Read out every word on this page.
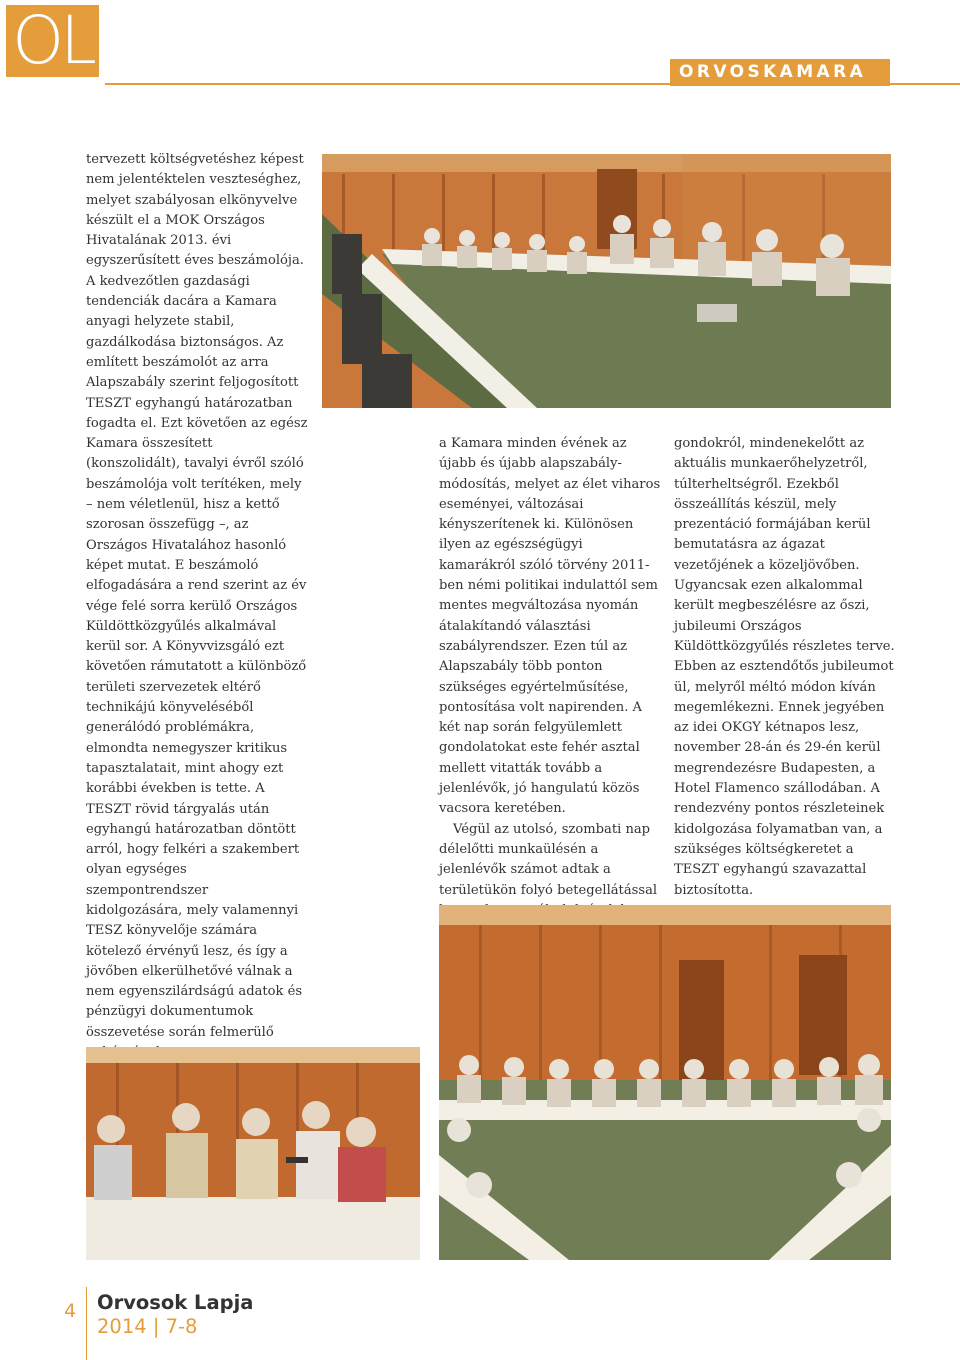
OL	ORVOSKAMARA

tervezett költségvetéshez képest nem jelentéktelen veszteséghez, melyet szabályosan elkönyvelve készült el a MOK Országos Hivatalának 2013. évi egyszerűsített éves beszámolója. A kedvezőtlen gazdasági tendenciák dacára a Kamara anyagi helyzete stabil, gazdálkodása biztonságos. Az említett beszámolót az arra Alapszabály szerint feljogosított TESZT egyhangú határozatban fogadta el. Ezt követően az egész Kamara összesített (konszolidált), tavalyi évről szóló beszámolója volt terítéken, mely – nem véletlenül, hisz a kettő szorosan összefügg –, az Országos Hivatalához hasonló képet mutat. E beszámoló elfogadására a rend szerint az év vége felé sorra kerülő Országos Küldöttközgyűlés alkalmával kerül sor. A Könyvvizsgáló ezt követően rámutatott a különböző területi szervezetek eltérő technikájú könyveléséből generálódó problémákra, elmondta nemegyszer kritikus tapasztalatait, mint ahogy ezt korábbi években is tette. A TESZT rövid tárgyalás után egyhangú határozatban döntött arról, hogy felkéri a szakembert olyan egységes szempontrendszer kidolgozására, mely valamennyi TESZ könyvelője számára kötelező érvényű lesz, és így a jövőben elkerülhetővé válnak a nem egyenszilárdságú adatok és pénzügyi dokumentumok összevetése során felmerülő

a Kamara minden évének az újabb és újabb alapszabály-módosítás, melyet az élet viharos eseményei, változásai kényszerítenek ki. Különösen ilyen az egészségügyi kamarákról szóló törvény 2011-ben némi politikai indulattól sem mentes megváltozása nyomán átalakítandó választási szabályrendszer. Ezen túl az Alapszabály több ponton szükséges egyértelműsítése, pontosítása volt napirenden. A két nap során felgyülemlett gondolatokat este fehér asztal mellett vitatták tovább a jelenlévők, jó hangulatú közös vacsora keretében.

Végül az utolsó, szombati nap délelőtti munkaülésén a jelenlévők számot adtak a területükön folyó betegellátással

gondokról, mindenekelőtt az aktuális munkaerőhelyzetről, túlterheltségről. Ezekből összeállítás készül, mely prezentáció formájában kerül bemutatásra az ágazat vezetőjének a közeljövőben. Ugyancsak ezen alkalommal került megbeszélésre az őszi, jubileumi Országos Küldöttközgyűlés részletes terve. Ebben az esztendőtős jubileumot ül, melyről méltó módon kíván megemlékezni. Ennek jegyében az idei OKGY kétnapos lesz, november 28-án és 29-én kerül megrendezésre Budapesten, a Hotel Flamenco szállodában. A rendezvény pontos részleteinek kidolgozása folyamatban van, a szükséges költségkeretet a TESZT egyhangú szavazattal biztosította.

4 Orvosok Lapja
2014 | 7-8
